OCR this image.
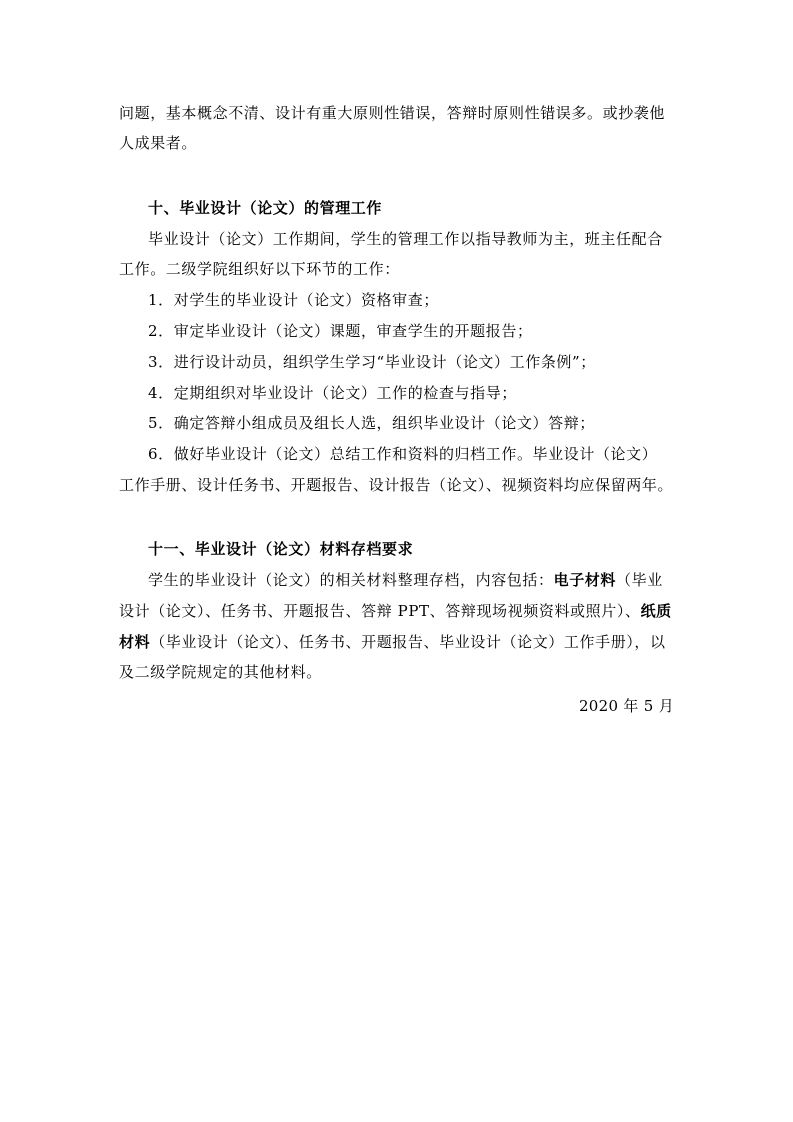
问题，基本概念不清、设计有重大原则性错误，答辩时原则性错误多。或抄袭他
人成果者。
十、毕业设计（论文）的管理工作
毕业设计（论文）工作期间，学生的管理工作以指导教师为主，班主任配合
工作。二级学院组织好以下环节的工作：
1．对学生的毕业设计（论文）资格审查；
2．审定毕业设计（论文）课题，审查学生的开题报告；
3．进行设计动员，组织学生学习“毕业设计（论文）工作条例”；
4．定期组织对毕业设计（论文）工作的检查与指导；
5．确定答辩小组成员及组长人选，组织毕业设计（论文）答辩；
6．做好毕业设计（论文）总结工作和资料的归档工作。毕业设计（论文）
工作手册、设计任务书、开题报告、设计报告（论文）、视频资料均应保留两年。
十一、毕业设计（论文）材料存档要求
学生的毕业设计（论文）的相关材料整理存档，内容包括：电子材料（毕业
设计（论文）、任务书、开题报告、答辩 PPT、答辩现场视频资料或照片）、纸质
材料（毕业设计（论文）、任务书、开题报告、毕业设计（论文）工作手册），以
及二级学院规定的其他材料。
2020 年 5 月
